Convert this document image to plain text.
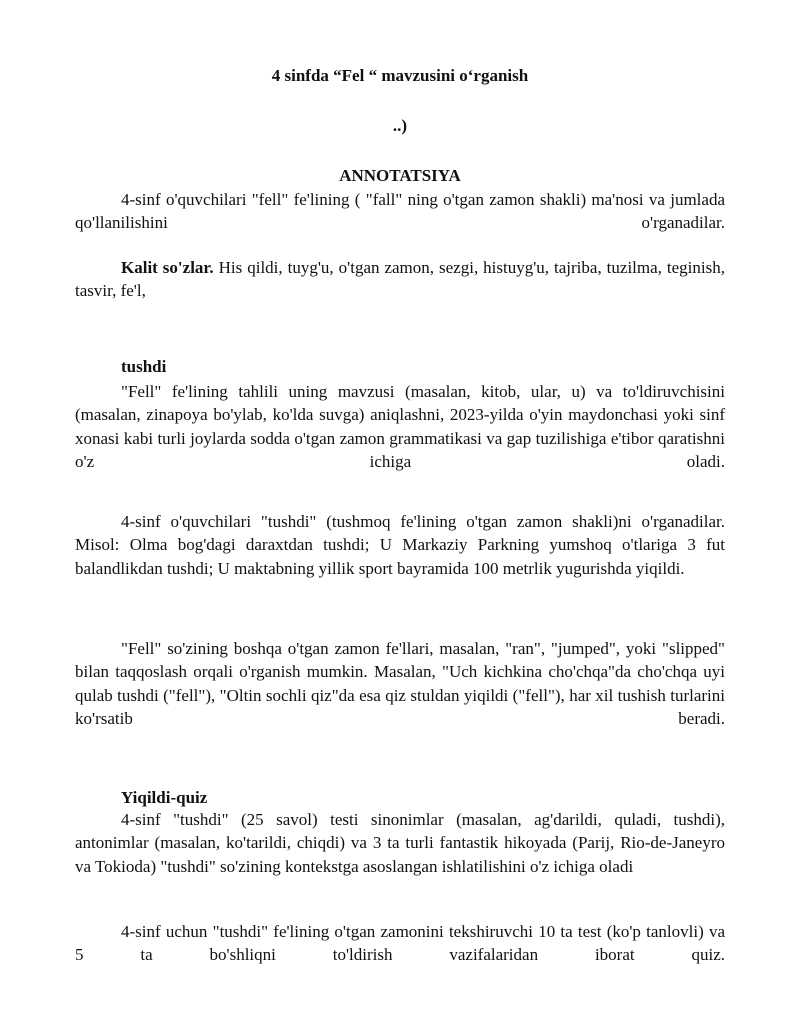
4 sinfda “Fel “ mavzusini o‘rganish
..)
ANNOTATSIYA

4-sinf o'quvchilari "fell" fe'lining ( "fall" ning o'tgan zamon shakli) ma'nosi va jumlada qo'llanilishini o'rganadilar.

Kalit so'zlar. His qildi, tuyg'u, o'tgan zamon, sezgi, histuyg'u, tajriba, tuzilma, teginish, tasvir, fe'l,

tushdi

"Fell" fe'lining tahlili uning mavzusi (masalan, kitob, ular, u) va to'ldiruvchisini (masalan, zinapoya bo'ylab, ko'lda suvga) aniqlashni, 2023-yilda o'yin maydonchasi yoki sinf xonasi kabi turli joylarda sodda o'tgan zamon grammatikasi va gap tuzilishiga e'tibor qaratishni o'z ichiga oladi.

4-sinf o'quvchilari "tushdi" (tushmoq fe'lining o'tgan zamon shakli)ni o'rganadilar. Misol: Olma bog'dagi daraxtdan tushdi; U Markaziy Parkning yumshoq o'tlariga 3 fut balandlikdan tushdi; U maktabning yillik sport bayramida 100 metrlik yugurishda yiqildi.

"Fell" so'zining boshqa o'tgan zamon fe'llari, masalan, "ran", "jumped", yoki "slipped" bilan taqqoslash orqali o'rganish mumkin. Masalan, "Uch kichkina cho'chqa"da cho'chqa uyi qulab tushdi ("fell"), "Oltin sochli qiz"da esa qiz stuldan yiqildi ("fell"), har xil tushish turlarini ko'rsatib beradi.

Yiqildi-quiz

4-sinf "tushdi" (25 savol) testi sinonimlar (masalan, ag'darildi, quladi, tushdi), antonimlar (masalan, ko'tarildi, chiqdi) va 3 ta turli fantastik hikoyada (Parij, Rio-de-Janeyro va Tokioda) "tushdi" so'zining kontekstga asoslangan ishlatilishini o'z ichiga oladi

4-sinf uchun "tushdi" fe'lining o'tgan zamonini tekshiruvchi 10 ta test (ko'p tanlovli) va 5 ta bo'shliqni to'ldirish vazifalaridan iborat quiz.
